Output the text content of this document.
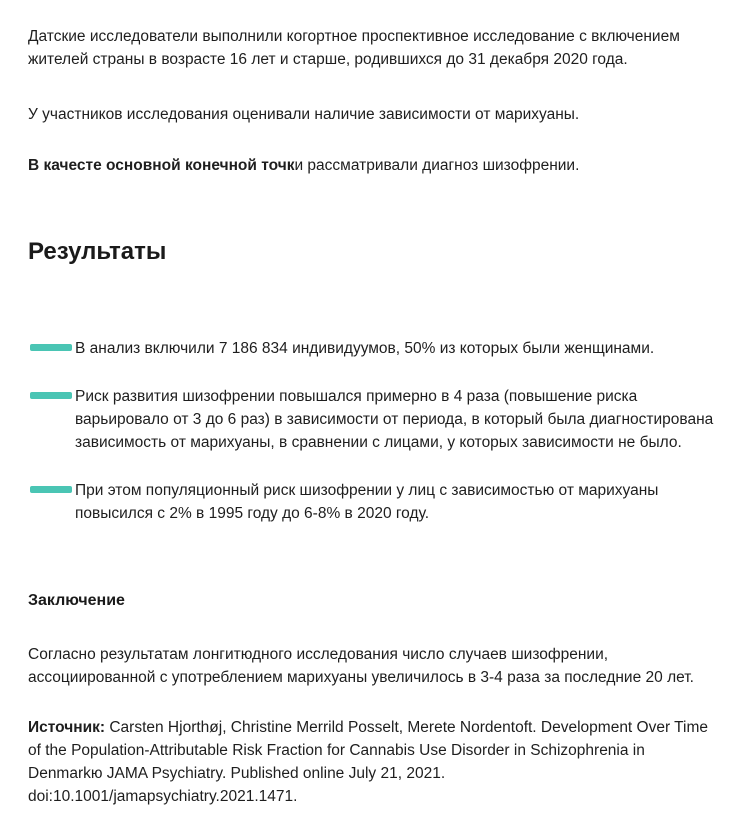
Датские исследователи выполнили когортное проспективное исследование с включением жителей страны в возрасте 16 лет и старше, родившихся до 31 декабря 2020 года.

У участников исследования оценивали наличие зависимости от марихуаны.

В качесте основной конечной точки рассматривали диагноз шизофрении.

Результаты
В анализ включили 7 186 834 индивидуумов, 50% из которых были женщинами.
Риск развития шизофрении повышался примерно в 4 раза (повышение риска варьировало от 3 до 6 раз) в зависимости от периода, в который была диагностирована зависимость от марихуаны, в сравнении с лицами, у которых зависимости не было.
При этом популяционный риск шизофрении у лиц с зависимостью от марихуаны повысился с 2% в 1995 году до 6-8% в 2020 году.
Заключение

Согласно результатам лонгитюдного исследования число случаев шизофрении, ассоциированной с употреблением марихуаны увеличилось в 3-4 раза за последние 20 лет.

Источник: Carsten Hjorthøj, Christine Merrild Posselt, Merete Nordentoft. Development Over Time of the Population-Attributable Risk Fraction for Cannabis Use Disorder in Schizophrenia in Denmarkю JAMA Psychiatry. Published online July 21, 2021. doi:10.1001/jamapsychiatry.2021.1471.
